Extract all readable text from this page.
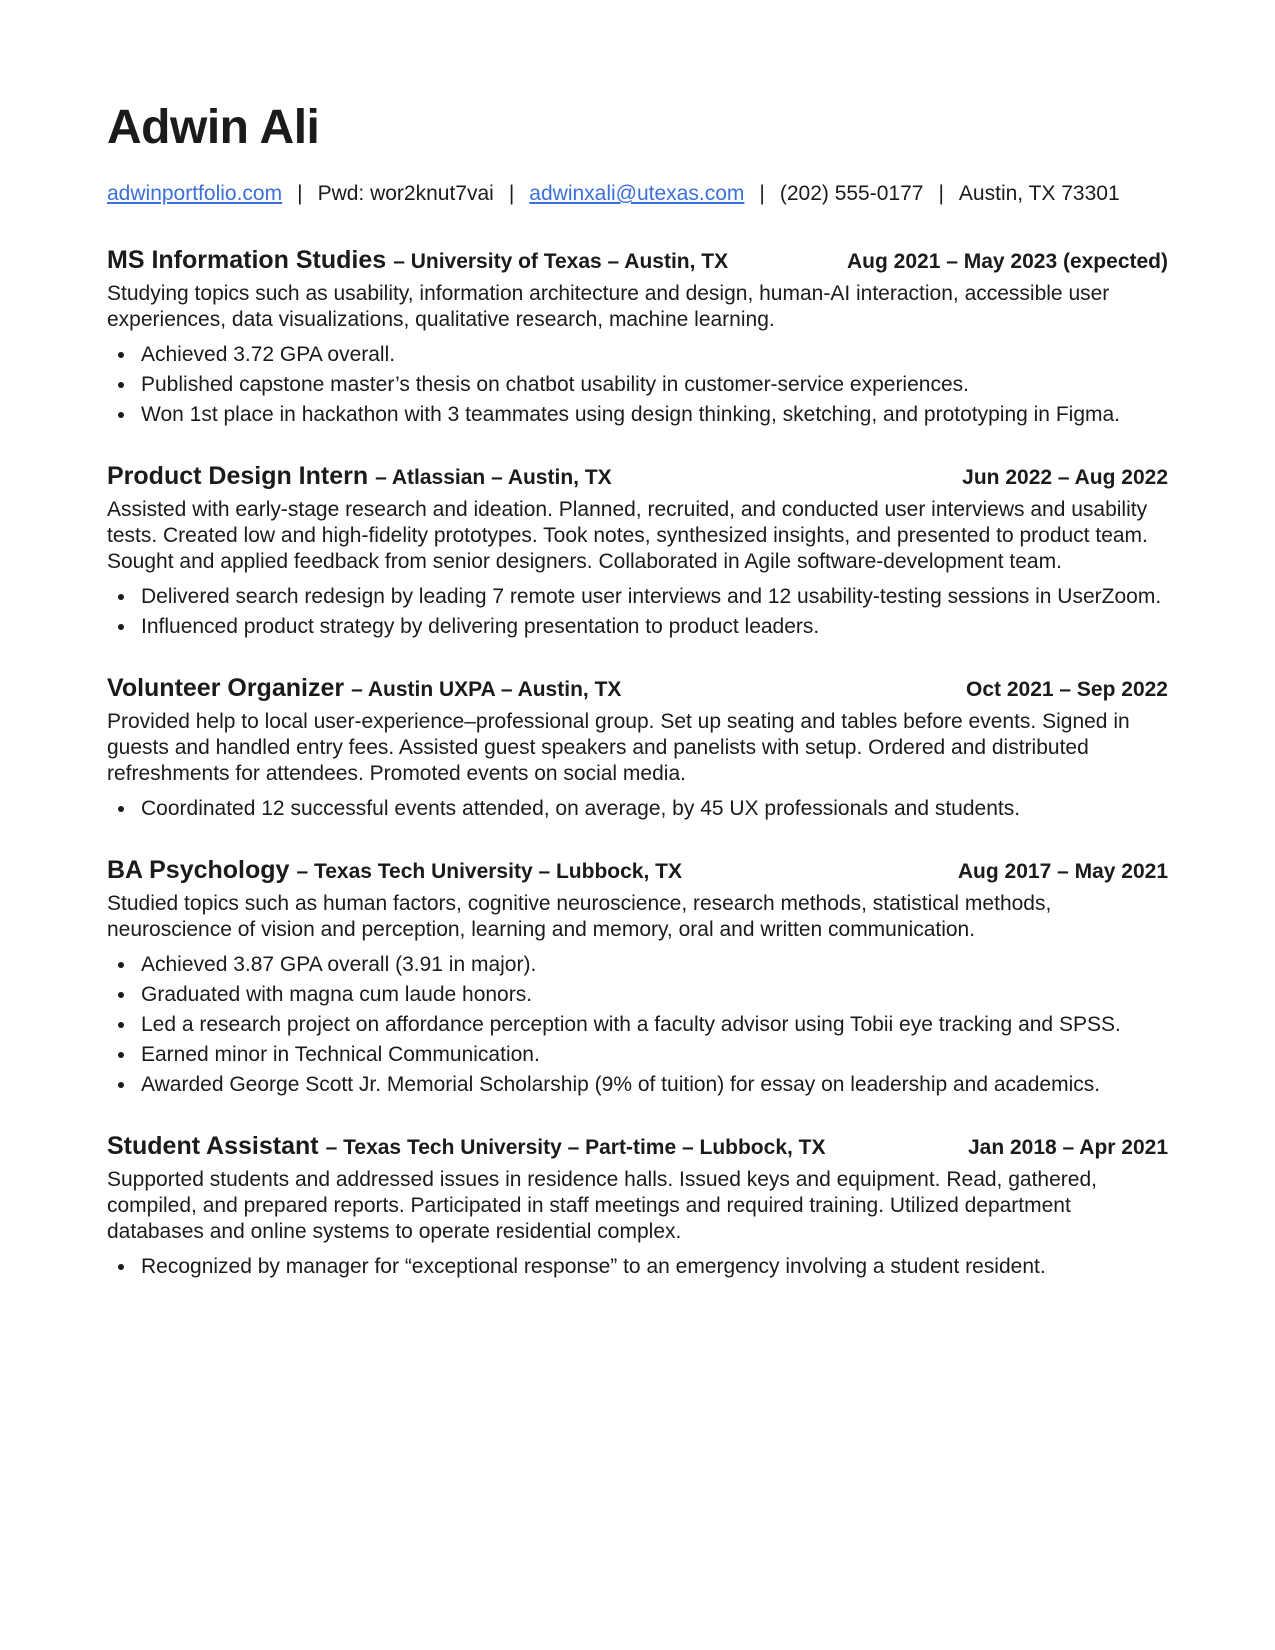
Adwin Ali
adwinportfolio.com | Pwd: wor2knut7vai | adwinxali@utexas.com | (202) 555-0177 | Austin, TX 73301
MS Information Studies – University of Texas – Austin, TX	Aug 2021 – May 2023 (expected)

Studying topics such as usability, information architecture and design, human-AI interaction, accessible user experiences, data visualizations, qualitative research, machine learning.

• Achieved 3.72 GPA overall.
• Published capstone master’s thesis on chatbot usability in customer-service experiences.
• Won 1st place in hackathon with 3 teammates using design thinking, sketching, and prototyping in Figma.
Product Design Intern – Atlassian – Austin, TX	Jun 2022 – Aug 2022

Assisted with early-stage research and ideation. Planned, recruited, and conducted user interviews and usability tests. Created low and high-fidelity prototypes. Took notes, synthesized insights, and presented to product team. Sought and applied feedback from senior designers. Collaborated in Agile software-development team.

• Delivered search redesign by leading 7 remote user interviews and 12 usability-testing sessions in UserZoom.
• Influenced product strategy by delivering presentation to product leaders.
Volunteer Organizer – Austin UXPA – Austin, TX	Oct 2021 – Sep 2022

Provided help to local user-experience–professional group. Set up seating and tables before events. Signed in guests and handled entry fees. Assisted guest speakers and panelists with setup. Ordered and distributed refreshments for attendees. Promoted events on social media.

• Coordinated 12 successful events attended, on average, by 45 UX professionals and students.
BA Psychology – Texas Tech University – Lubbock, TX	Aug 2017 – May 2021

Studied topics such as human factors, cognitive neuroscience, research methods, statistical methods, neuroscience of vision and perception, learning and memory, oral and written communication.

• Achieved 3.87 GPA overall (3.91 in major).
• Graduated with magna cum laude honors.
• Led a research project on affordance perception with a faculty advisor using Tobii eye tracking and SPSS.
• Earned minor in Technical Communication.
• Awarded George Scott Jr. Memorial Scholarship (9% of tuition) for essay on leadership and academics.
Student Assistant – Texas Tech University – Part-time – Lubbock, TX	Jan 2018 – Apr 2021

Supported students and addressed issues in residence halls. Issued keys and equipment. Read, gathered, compiled, and prepared reports. Participated in staff meetings and required training. Utilized department databases and online systems to operate residential complex.

• Recognized by manager for “exceptional response” to an emergency involving a student resident.
